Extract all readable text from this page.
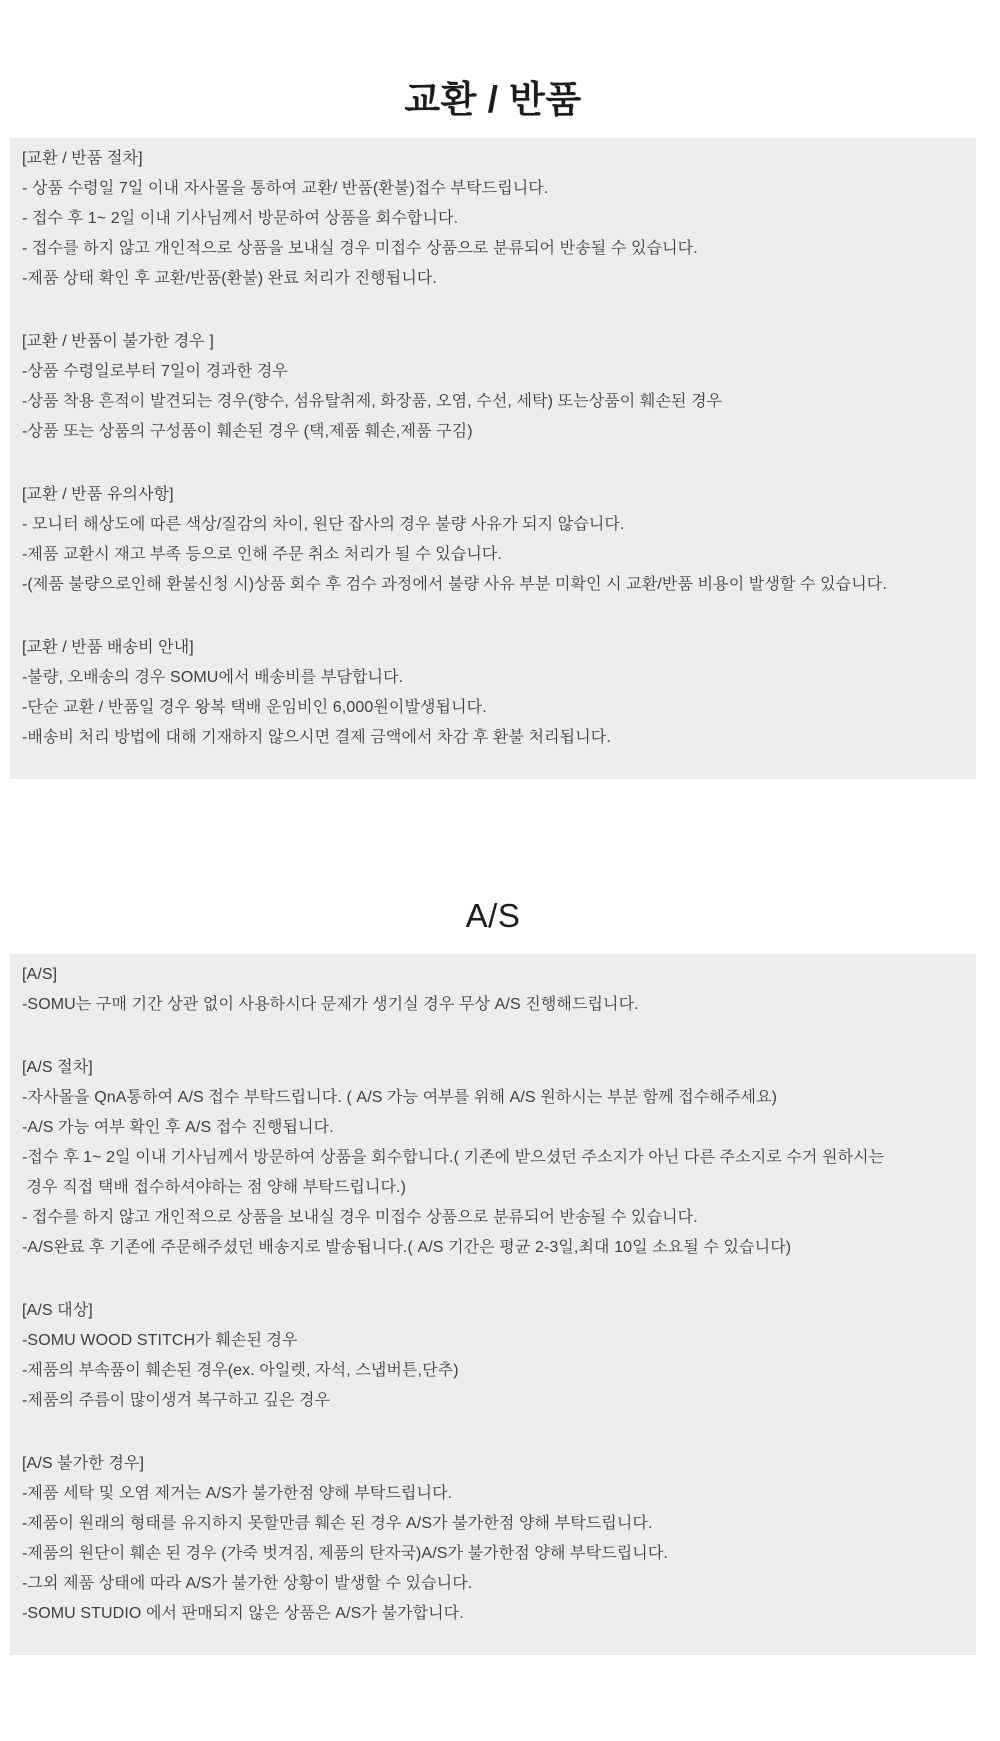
교환 / 반품

[교환 / 반품 절차]

- 상품 수령일 7일 이내 자사몰을 통하여 교환/ 반품(환불)접수 부탁드립니다.

- 접수 후 1~ 2일 이내 기사님께서 방문하여 상품을 회수합니다.

- 접수를 하지 않고 개인적으로 상품을 보내실 경우 미접수 상품으로 분류되어 반송될 수 있습니다.

-제품 상태 확인 후 교환/반품(환불) 완료 처리가 진행됩니다.

[교환 / 반품이 불가한 경우 ]

-상품 수령일로부터 7일이 경과한 경우

-상품 착용 흔적이 발견되는 경우(향수, 섬유탈취제, 화장품, 오염, 수선, 세탁) 또는상품이 훼손된 경우

-상품 또는 상품의 구성품이 훼손된 경우 (택,제품 훼손,제품 구김)

[교환 / 반품 유의사항]

- 모니터 해상도에 따른 색상/질감의 차이, 원단 잡사의 경우 불량 사유가 되지 않습니다.

-제품 교환시 재고 부족 등으로 인해 주문 취소 처리가 될 수 있습니다.

-(제품 불량으로인해 환불신청 시)상품 회수 후 검수 과정에서 불량 사유 부분 미확인 시 교환/반품 비용이 발생할 수 있습니다.

[교환 / 반품 배송비 안내]

-불량, 오배송의 경우 SOMU에서 배송비를 부담합니다.

-단순 교환 / 반품일 경우 왕복 택배 운임비인 6,000원이발생됩니다.

-배송비 처리 방법에 대해 기재하지 않으시면 결제 금액에서 차감 후 환불 처리됩니다.

A/S

[A/S]

-SOMU는 구매 기간 상관 없이 사용하시다 문제가 생기실 경우 무상 A/S 진행해드립니다.

[A/S 절차]

-자사몰을 QnA통하여 A/S 접수 부탁드립니다. ( A/S 가능 여부를 위해 A/S 원하시는 부분 함께 접수해주세요)

-A/S 가능 여부 확인 후 A/S 접수 진행됩니다.

-접수 후 1~ 2일 이내 기사님께서 방문하여 상품을 회수합니다.( 기존에 받으셨던 주소지가 아닌 다른 주소지로 수거 원하시는

경우 직접 택배 접수하셔야하는 점 양해 부탁드립니다.)

- 접수를 하지 않고 개인적으로 상품을 보내실 경우 미접수 상품으로 분류되어 반송될 수 있습니다.

-A/S완료 후 기존에 주문해주셨던 배송지로 발송됩니다.( A/S 기간은 평균 2-3일,최대 10일 소요될 수 있습니다)

[A/S 대상]

-SOMU WOOD STITCH가 훼손된 경우

-제품의 부속품이 훼손된 경우(ex. 아일렛, 자석, 스냅버튼,단추)

-제품의 주름이 많이생겨 복구하고 깊은 경우

[A/S 불가한 경우]

-제품 세탁 및 오염 제거는 A/S가 불가한점 양해 부탁드립니다.

-제품이 원래의 형태를 유지하지 못할만큼 훼손 된 경우 A/S가 불가한점 양해 부탁드립니다.

-제품의 원단이 훼손 된 경우 (가죽 벗겨짐, 제품의 탄자국)A/S가 불가한점 양해 부탁드립니다.

-그외 제품 상태에 따라 A/S가 불가한 상황이 발생할 수 있습니다.

-SOMU STUDIO 에서 판매되지 않은 상품은 A/S가 불가합니다.
